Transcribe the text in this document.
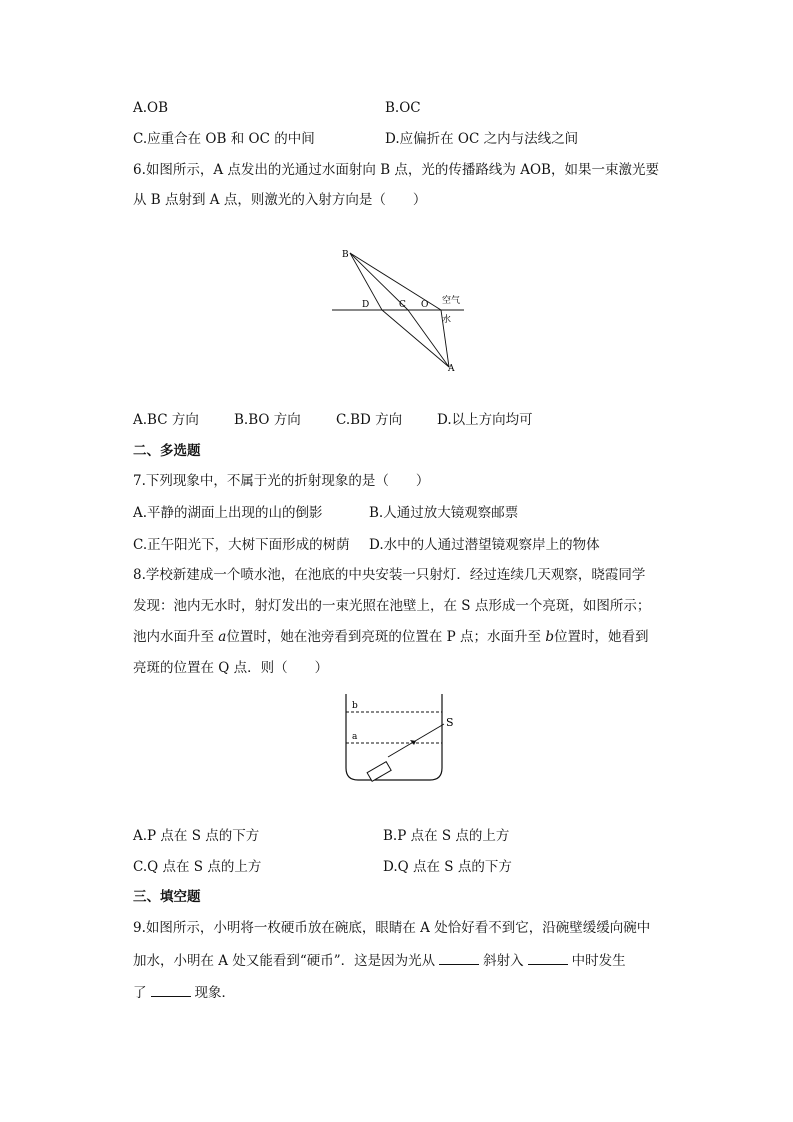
A.OB	B.OC
C.应重合在 OB 和 OC 的中间	D.应偏折在 OC 之内与法线之间
6.如图所示，A 点发出的光通过水面射向 B 点，光的传播路线为 AOB，如果一束激光要
从 B 点射到 A 点，则激光的入射方向是（　　）
B
D	C O 空气
水
A
A.BC 方向	B.BO 方向	C.BD 方向	D.以上方向均可
二、多选题
7.下列现象中，不属于光的折射现象的是（　　）
A.平静的湖面上出现的山的倒影	B.人通过放大镜观察邮票
C.正午阳光下，大树下面形成的树荫 D.水中的人通过潜望镜观察岸上的物体
8.学校新建成一个喷水池，在池底的中央安装一只射灯．经过连续几天观察，晓霞同学
发现：池内无水时，射灯发出的一束光照在池壁上，在 S 点形成一个亮斑，如图所示；
池内水面升至 a位置时，她在池旁看到亮斑的位置在 P 点；水面升至 b位置时，她看到
亮斑的位置在 Q 点．则（　　）
b
a
S
A.P 点在 S 点的下方	B.P 点在 S 点的上方
C.Q 点在 S 点的上方	D.Q 点在 S 点的下方
三、填空题
9.如图所示，小明将一枚硬币放在碗底，眼睛在 A 处恰好看不到它，沿碗壁缓缓向碗中
加水，小明在 A 处又能看到“硬币”．这是因为光从	斜射入	中时发生
了	现象．
